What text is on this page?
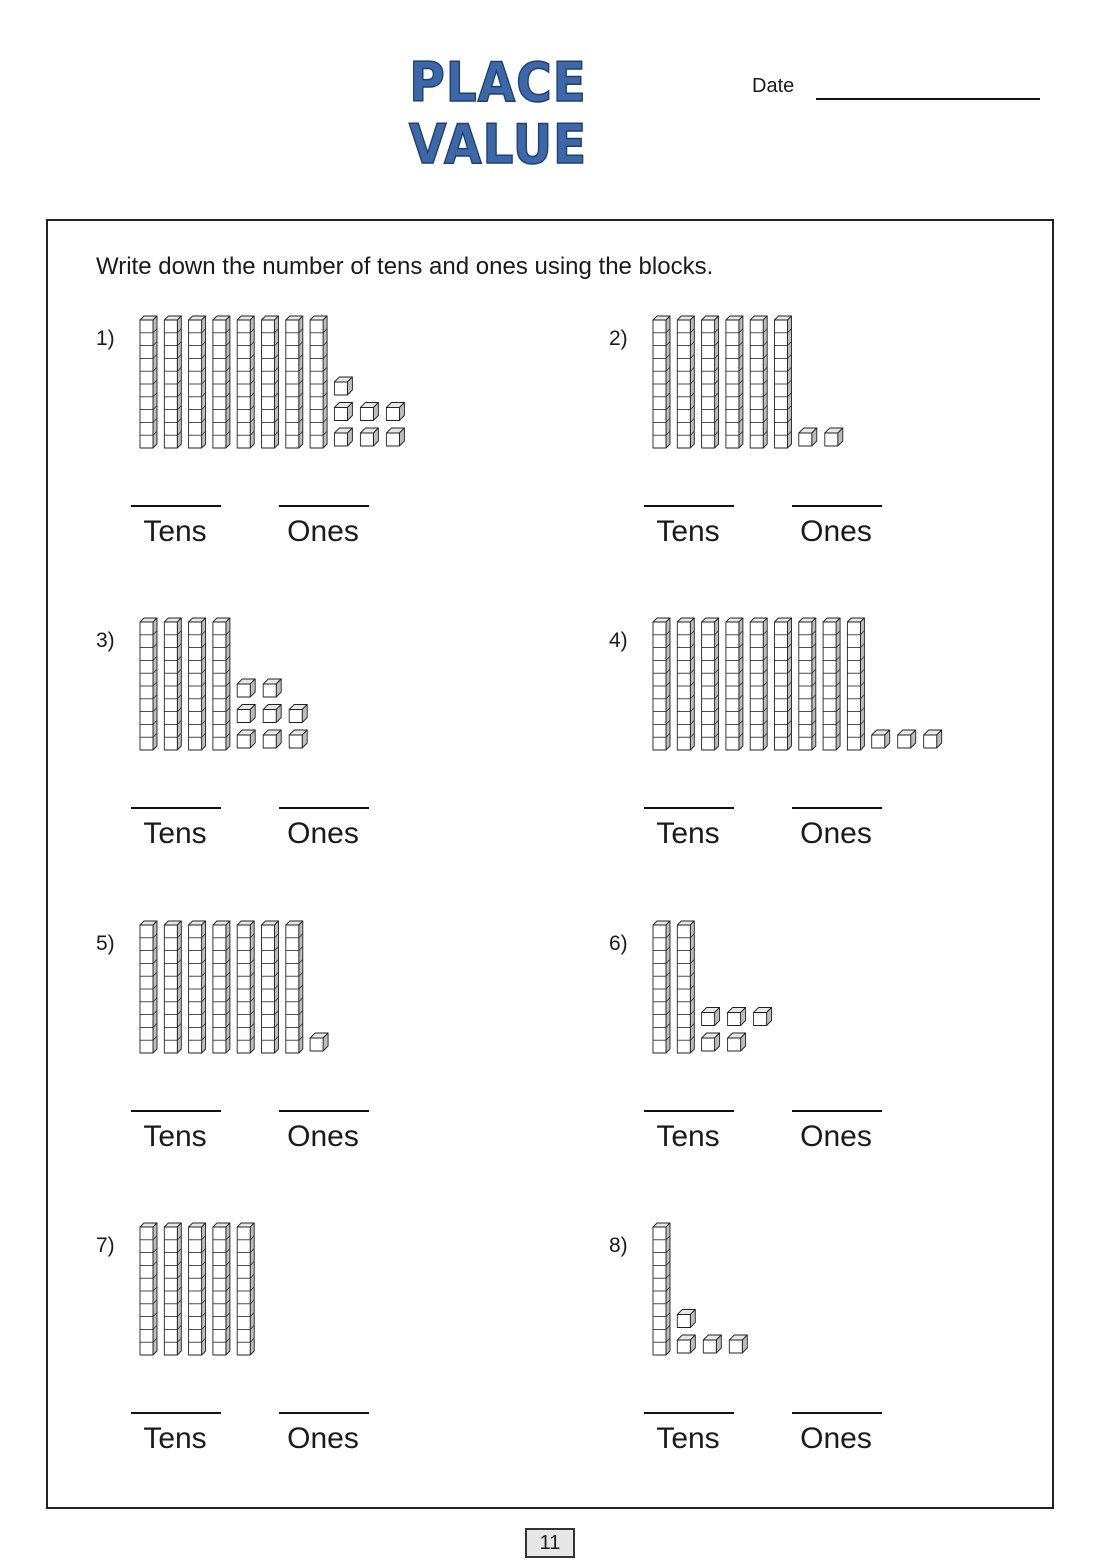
PLACE VALUE
Date
Write down the number of tens and ones using the blocks.
1)
Tens	Ones
2)
Tens	Ones
3)
Tens	Ones
4)
Tens	Ones
5)
Tens	Ones
6)
Tens	Ones
7)
Tens	Ones
8)
Tens	Ones
11
